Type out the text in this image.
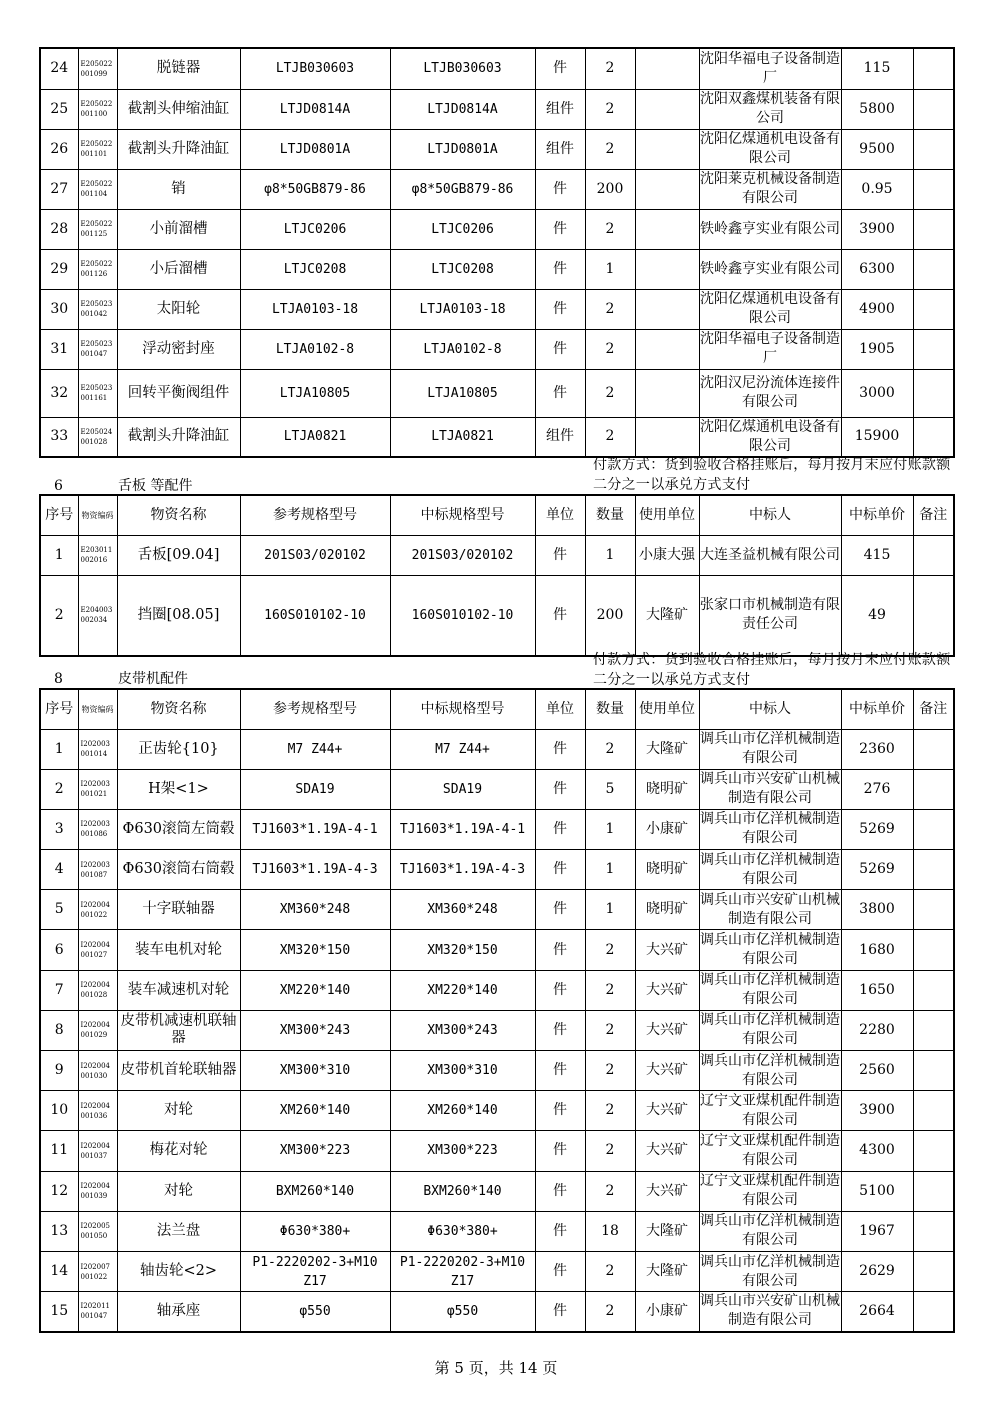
24	E205022 001099	脱链器	LTJB030603	LTJB030603	件	2		沈阳华福电子设备制造厂	115	
25	E205022 001100	截割头伸缩油缸	LTJD0814A	LTJD0814A	组件	2		沈阳双鑫煤机装备有限公司	5800	
26	E205022 001101	截割头升降油缸	LTJD0801A	LTJD0801A	组件	2		沈阳亿煤通机电设备有限公司	9500	
27	E205022 001104	销	φ8*50GB879-86	φ8*50GB879-86	件	200		沈阳莱克机械设备制造有限公司	0.95	
28	E205022 001125	小前溜槽	LTJC0206	LTJC0206	件	2		铁岭鑫亨实业有限公司	3900	
29	E205022 001126	小后溜槽	LTJC0208	LTJC0208	件	1		铁岭鑫亨实业有限公司	6300	
30	E205023 001042	太阳轮	LTJA0103-18	LTJA0103-18	件	2		沈阳亿煤通机电设备有限公司	4900	
31	E205023 001047	浮动密封座	LTJA0102-8	LTJA0102-8	件	2		沈阳华福电子设备制造厂	1905	
32	E205023 001161	回转平衡阀组件	LTJA10805	LTJA10805	件	2		沈阳汉尼汾流体连接件有限公司	3000	
33	E205024 001028	截割头升降油缸	LTJA0821	LTJA0821	组件	2		沈阳亿煤通机电设备有限公司	15900	
6	舌板 等配件
付款方式：货到验收合格挂账后，每月按月末应付账款额二分之一以承兑方式支付
序号	物资编码	物资名称	参考规格型号	中标规格型号	单位	数量	使用单位	中标人	中标单价	备注
1	E203011 002016	舌板[09.04]	201S03/020102	201S03/020102	件	1	小康大强	大连圣益机械有限公司	415	
2	E204003 002034	挡圈[08.05]	160S010102-10	160S010102-10	件	200	大隆矿	张家口市机械制造有限责任公司	49	
8	皮带机配件
付款方式：货到验收合格挂账后，每月按月末应付账款额二分之一以承兑方式支付
序号	物资编码	物资名称	参考规格型号	中标规格型号	单位	数量	使用单位	中标人	中标单价	备注
1	I202003 001014	正齿轮{10}	M7 Z44+	M7 Z44+	件	2	大隆矿	调兵山市亿洋机械制造有限公司	2360	
2	I202003 001021	H架<1>	SDA19	SDA19	件	5	晓明矿	调兵山市兴安矿山机械制造有限公司	276	
3	I202003 001086	Φ630滚筒左筒毂	TJ1603*1.19A-4-1	TJ1603*1.19A-4-1	件	1	小康矿	调兵山市亿洋机械制造有限公司	5269	
4	I202003 001087	Φ630滚筒右筒毂	TJ1603*1.19A-4-3	TJ1603*1.19A-4-3	件	1	晓明矿	调兵山市亿洋机械制造有限公司	5269	
5	I202004 001022	十字联轴器	XM360*248	XM360*248	件	1	晓明矿	调兵山市兴安矿山机械制造有限公司	3800	
6	I202004 001027	装车电机对轮	XM320*150	XM320*150	件	2	大兴矿	调兵山市亿洋机械制造有限公司	1680	
7	I202004 001028	装车减速机对轮	XM220*140	XM220*140	件	2	大兴矿	调兵山市亿洋机械制造有限公司	1650	
8	I202004 001029	皮带机减速机联轴器	XM300*243	XM300*243	件	2	大兴矿	调兵山市亿洋机械制造有限公司	2280	
9	I202004 001030	皮带机首轮联轴器	XM300*310	XM300*310	件	2	大兴矿	调兵山市亿洋机械制造有限公司	2560	
10	I202004 001036	对轮	XM260*140	XM260*140	件	2	大兴矿	辽宁文亚煤机配件制造有限公司	3900	
11	I202004 001037	梅花对轮	XM300*223	XM300*223	件	2	大兴矿	辽宁文亚煤机配件制造有限公司	4300	
12	I202004 001039	对轮	BXM260*140	BXM260*140	件	2	大兴矿	辽宁文亚煤机配件制造有限公司	5100	
13	I202005 001050	法兰盘	Φ630*380+	Φ630*380+	件	18	大隆矿	调兵山市亿洋机械制造有限公司	1967	
14	I202007 001022	轴齿轮<2>	P1-2220202-3+M10 Z17	P1-2220202-3+M10 Z17	件	2	大隆矿	调兵山市亿洋机械制造有限公司	2629	
15	I202011 001047	轴承座	φ550	φ550	件	2	小康矿	调兵山市兴安矿山机械制造有限公司	2664	
第 5 页，共 14 页
